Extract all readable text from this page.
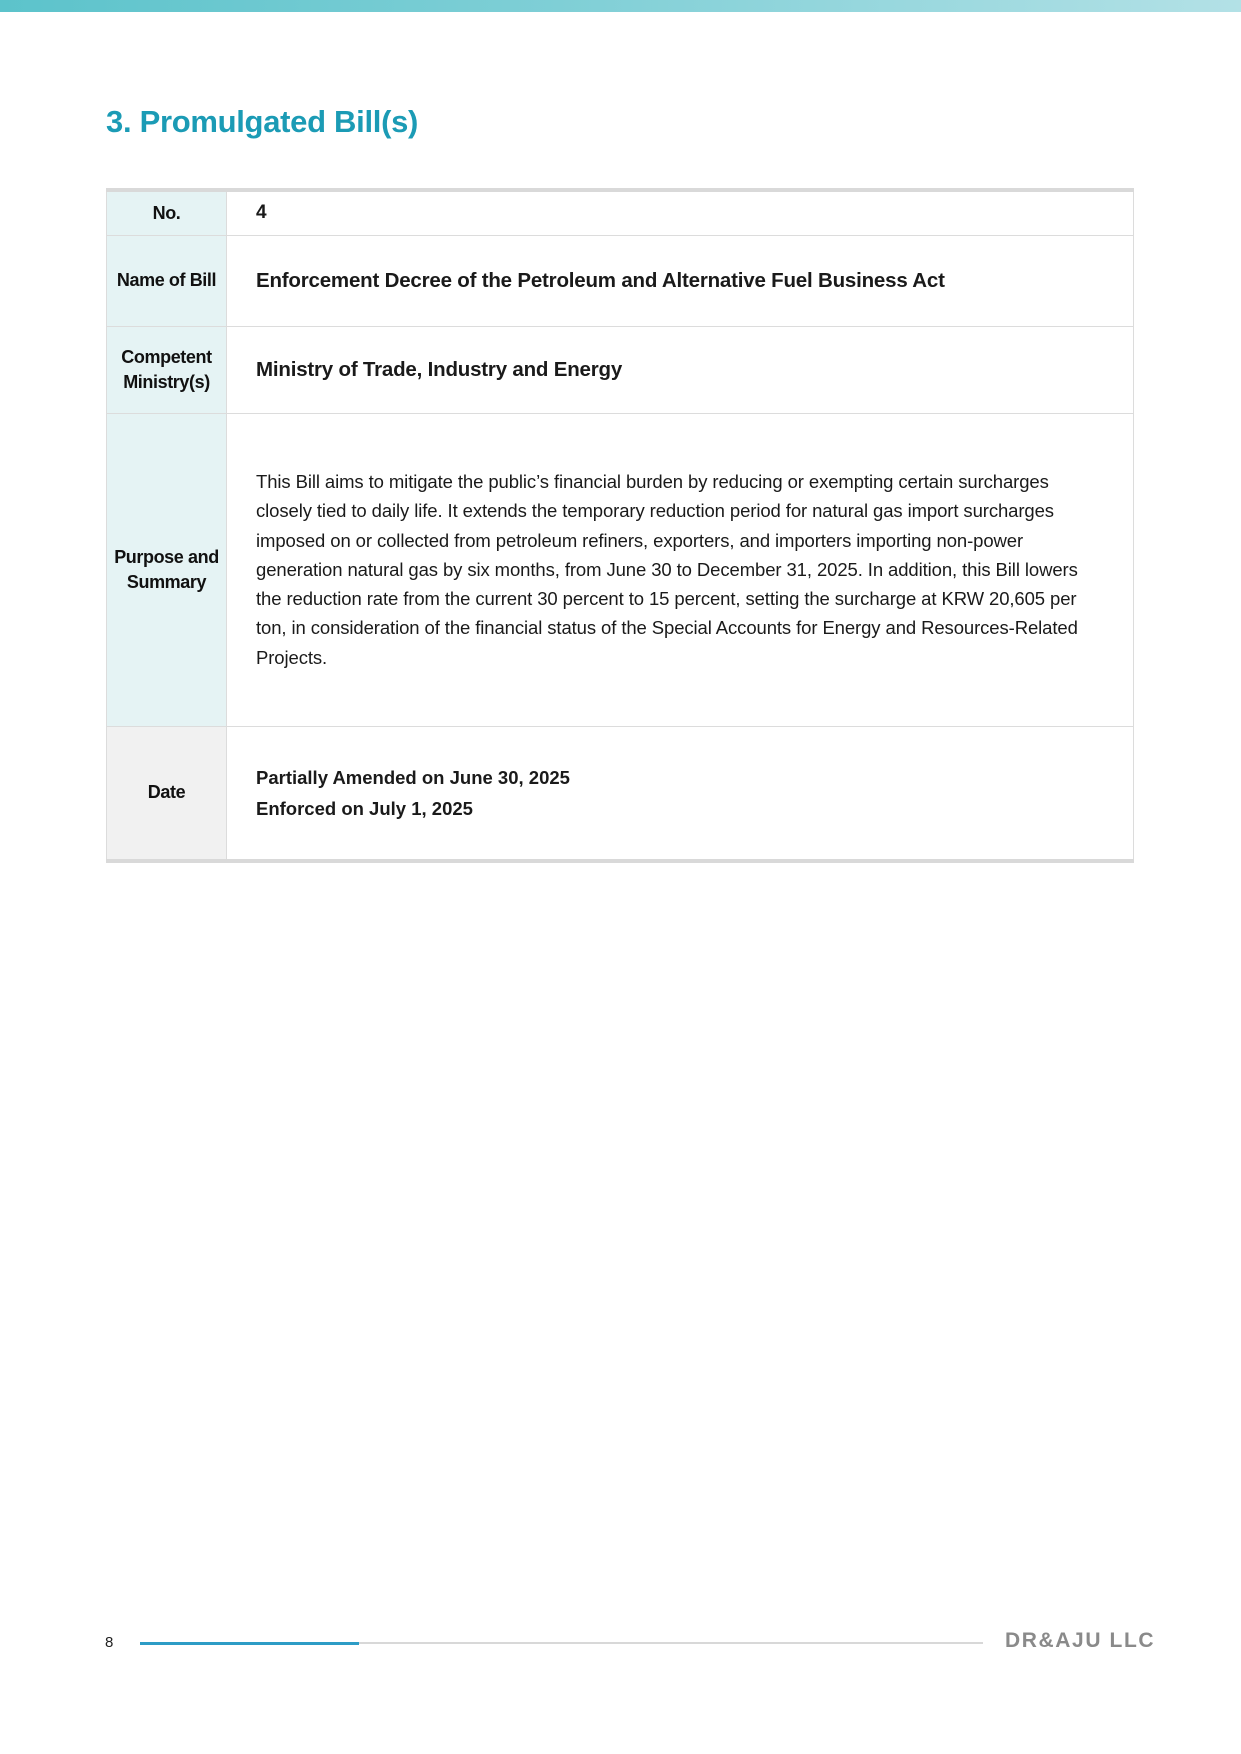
3. Promulgated Bill(s)
No.	4
Name of Bill	Enforcement Decree of the Petroleum and Alternative Fuel Business Act
Competent Ministry(s)	Ministry of Trade, Industry and Energy
Purpose and Summary	This Bill aims to mitigate the public’s financial burden by reducing or exempting certain surcharges closely tied to daily life. It extends the temporary reduction period for natural gas import surcharges imposed on or collected from petroleum refiners, exporters, and importers importing non-power generation natural gas by six months, from June 30 to December 31, 2025. In addition, this Bill lowers the reduction rate from the current 30 percent to 15 percent, setting the surcharge at KRW 20,605 per ton, in consideration of the financial status of the Special Accounts for Energy and Resources-Related Projects.
Date	Partially Amended on June 30, 2025
Enforced on July 1, 2025
8	DR&AJU LLC
